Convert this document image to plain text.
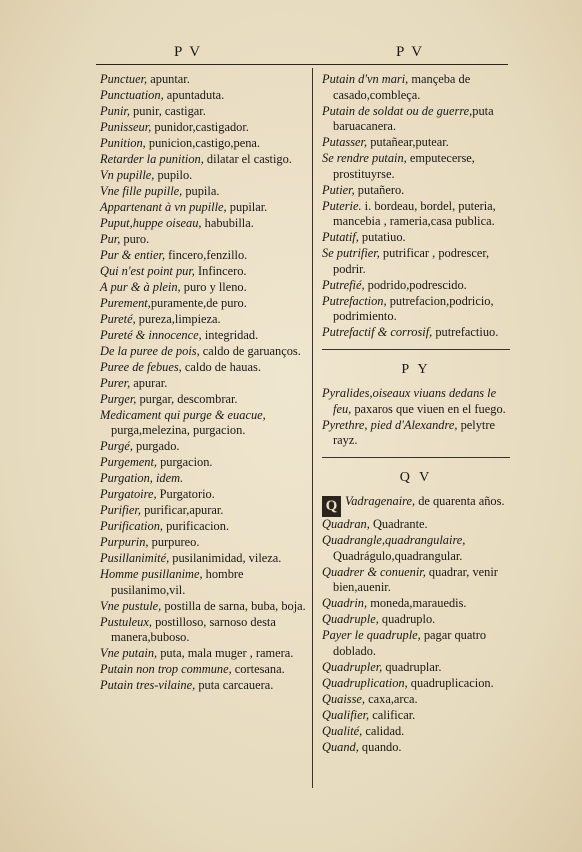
P V	P V
Punctuer, apuntar.
Punctuation, apuntaduta.
Punir, punir, castigar.
Punisseur, punidor,castigador.
Punition, punicion,castigo,pena.
Retarder la punition, dilatar el castigo.
Vn pupille, pupilo.
Vne fille pupille, pupila.
Appartenant à vn pupille, pupilar.
Puput,huppe oiseau, habubilla.
Pur, puro.
Pur & entier, fincero,fenzillo.
Qui n'est point pur, Infincero.
A pur & à plein, puro y lleno.
Purement,puramente,de puro.
Pureté, pureza,limpieza.
Pureté & innocence, integridad.
De la puree de pois, caldo de garuanços.
Puree de febues, caldo de hauas.
Purer, apurar.
Purger, purgar, descombrar.
Medicament qui purge & euacue, purga,melezina, purgacion.
Purgé, purgado.
Purgement, purgacion.
Purgation, idem.
Purgatoire, Purgatorio.
Purifier, purificar,apurar.
Purification, purificacion.
Purpurin, purpureo.
Pusillanimité, pusilanimidad, vileza.
Homme pusillanime, hombre pusilanimo,vil.
Vne pustule, postilla de sarna, buba, boja.
Pustuleux, postilloso, sarnoso desta manera,buboso.
Vne putain, puta, mala muger , ramera.
Putain non trop commune, cortesana.
Putain tres-vilaine, puta carcauera.
Putain d'vn mari, mançeba de casado,combleça.
Putain de soldat ou de guerre,puta baruacanera.
Putasser, putañear,putear.
Se rendre putain, emputecerse, prostituyrse.
Putier, putañero.
Puterie. i. bordeau, bordel, puteria, mancebia , rameria,casa publica.
Putatif, putatiuo.
Se putrifier, putrificar , podrescer, podrir.
Putrefié, podrido,podrescido.
Putrefaction, putrefacion,podricio, podrimiento.
Putrefactif & corrosif, putrefactiuo.
P Y
Pyralides,oiseaux viuans dedans le feu, paxaros que viuen en el fuego.
Pyrethre, pied d'Alexandre, pelytre rayz.
Q V
Q Vadragenaire, de quarenta años.
Quadran, Quadrante.
Quadrangle,quadrangulaire, Quadrágulo,quadrangular.
Quadrer & conuenir, quadrar, venir bien,auenir.
Quadrin, moneda,marauedis.
Quadruple, quadruplo.
Payer le quadruple, pagar quatro doblado.
Quadrupler, quadruplar.
Quadruplication, quadruplicacion.
Quaisse, caxa,arca.
Qualifier, calificar.
Qualité, calidad.
Quand, quando.
